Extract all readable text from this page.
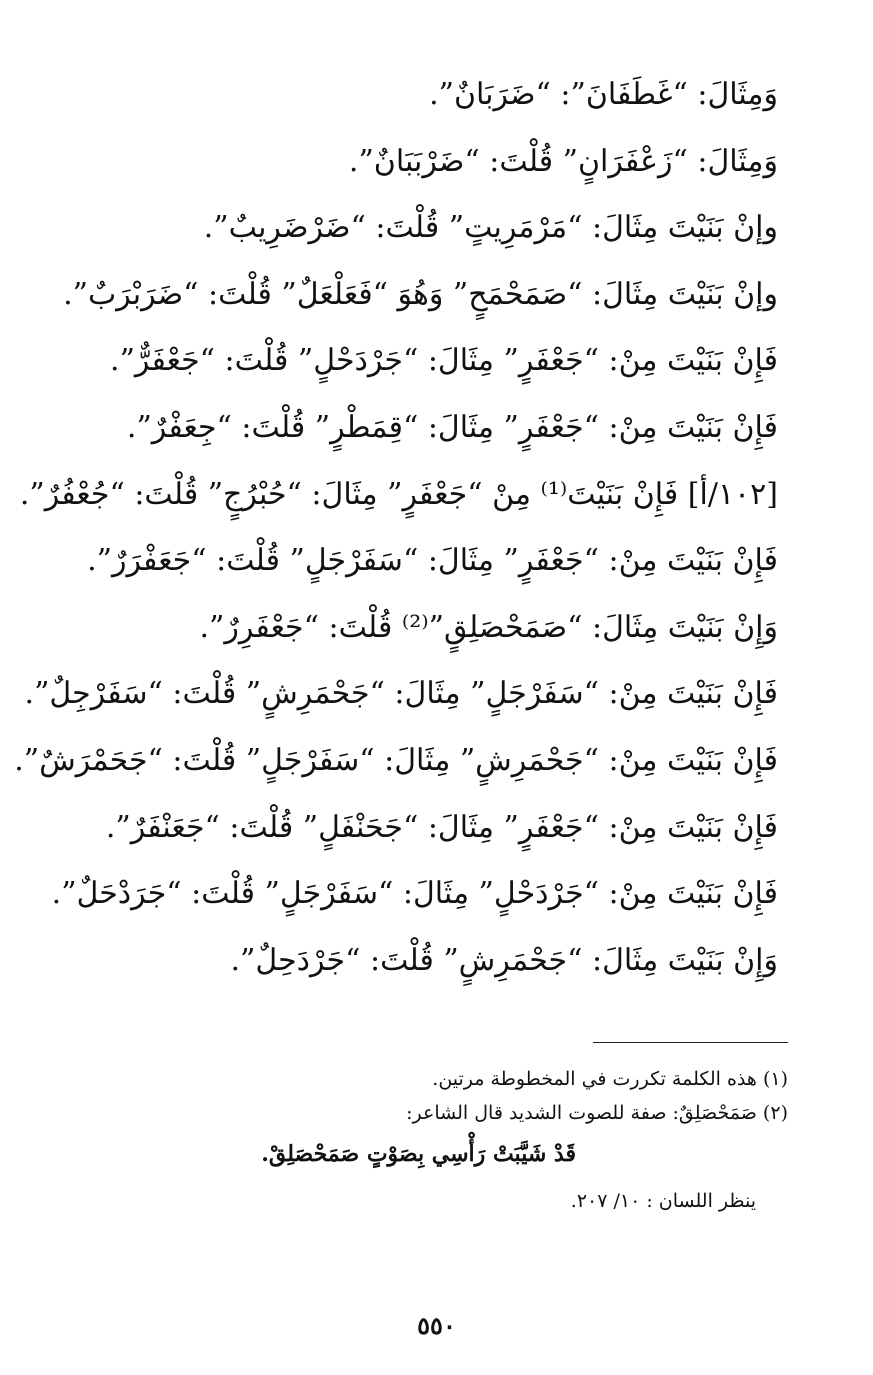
وَمِثَالَ: “غَطَفَانَ”: “ضَرَبَانٌ”.
وَمِثَالَ: “زَعْفَرَانٍ” قُلْتَ: “ضَرْبَبَانٌ”.
وإنْ بَنَيْتَ مِثَالَ: “مَرْمَرِيتٍ” قُلْتَ: “ضَرْضَرِيبٌ”.
وإنْ بَنَيْتَ مِثَالَ: “صَمَحْمَحٍ” وَهُوَ “فَعَلْعَلٌ” قُلْتَ: “ضَرَبْرَبٌ”.
فَإِنْ بَنَيْتَ مِنْ: “جَعْفَرٍ” مِثَالَ: “جَرْدَحْلٍ” قُلْتَ: “جَعْفَرٌّ”.
فَإِنْ بَنَيْتَ مِنْ: “جَعْفَرٍ” مِثَالَ: “قِمَطْرٍ” قُلْتَ: “جِعَفْرٌ”.
[١٠٢/أ] فَإِنْ بَنَيْتَ⁽¹⁾ مِنْ “جَعْفَرٍ” مِثَالَ: “حُبْرُجٍ” قُلْتَ: “جُعْفُرٌ”.
فَإِنْ بَنَيْتَ مِنْ: “جَعْفَرٍ” مِثَالَ: “سَفَرْجَلٍ” قُلْتَ: “جَعَفْرَرٌ”.
وَإِنْ بَنَيْتَ مِثَالَ: “صَمَحْصَلِقٍ”⁽²⁾ قُلْتَ: “جَعْفَرِرٌ”.
فَإِنْ بَنَيْتَ مِنْ: “سَفَرْجَلٍ” مِثَالَ: “جَحْمَرِشٍ” قُلْتَ: “سَفَرْجِلٌ”.
فَإِنْ بَنَيْتَ مِنْ: “جَحْمَرِشٍ” مِثَالَ: “سَفَرْجَلٍ” قُلْتَ: “جَحَمْرَشٌ”.
فَإِنْ بَنَيْتَ مِنْ: “جَعْفَرٍ” مِثَالَ: “جَحَنْفَلٍ” قُلْتَ: “جَعَنْفَرٌ”.
فَإِنْ بَنَيْتَ مِنْ: “جَرْدَحْلٍ” مِثَالَ: “سَفَرْجَلٍ” قُلْتَ: “جَرَدْحَلٌ”.
وَإِنْ بَنَيْتَ مِثَالَ: “جَحْمَرِشٍ” قُلْتَ: “جَرْدَحِلٌ”.
(١) هذه الكلمة تكررت في المخطوطة مرتين.
(٢) صَمَحْصَلِقٌ: صفة للصوت الشديد قال الشاعر:
قَدْ شَيَّبَتْ رَأْسِي بِصَوْتٍ صَمَحْصَلِقْ.
ينظر اللسان : ١٠/ ٢٠٧.
٥٥٠
